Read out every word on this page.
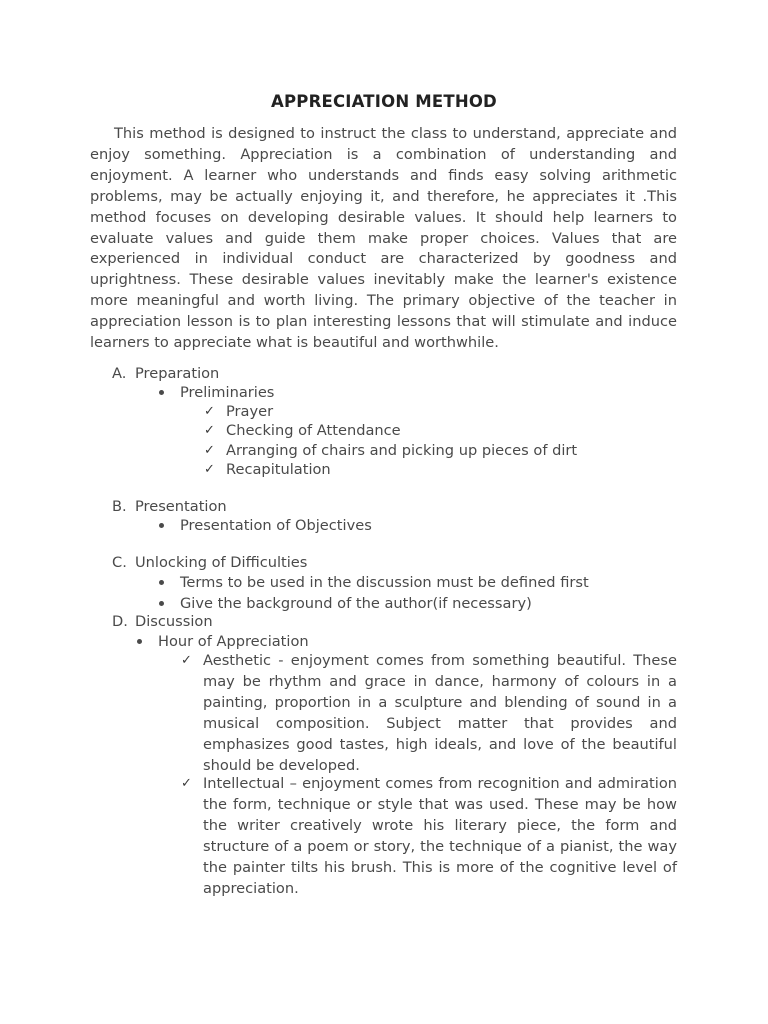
APPRECIATION METHOD

This method is designed to instruct the class to understand, appreciate and enjoy something. Appreciation is a combination of understanding and enjoyment. A learner who understands and finds easy solving arithmetic problems, may be actually enjoying it, and therefore, he appreciates it .This method focuses on developing desirable values. It should help learners to evaluate values and guide them make proper choices. Values that are experienced in individual conduct are characterized by goodness and uprightness. These desirable values inevitably make the learner's existence more meaningful and worth living. The primary objective of the teacher in appreciation lesson is to plan interesting lessons that will stimulate and induce learners to appreciate what is beautiful and worthwhile.

A. Preparation
Preliminaries
✓ Prayer
✓ Checking of Attendance
✓ Arranging of chairs and picking up pieces of dirt
✓ Recapitulation
B. Presentation
Presentation of Objectives
C. Unlocking of Difficulties
Terms to be used in the discussion must be defined first
Give the background of the author(if necessary)
D. Discussion
Hour of Appreciation
✓ Aesthetic - enjoyment comes from something beautiful. These may be rhythm and grace in dance, harmony of colours in a painting, proportion in a sculpture and blending of sound in a musical composition. Subject matter that provides and emphasizes good tastes, high ideals, and love of the beautiful should be developed.

✓ Intellectual – enjoyment comes from recognition and admiration the form, technique or style that was used. These may be how the writer creatively wrote his literary piece, the form and structure of a poem or story, the technique of a pianist, the way the painter tilts his brush. This is more of the cognitive level of appreciation.
